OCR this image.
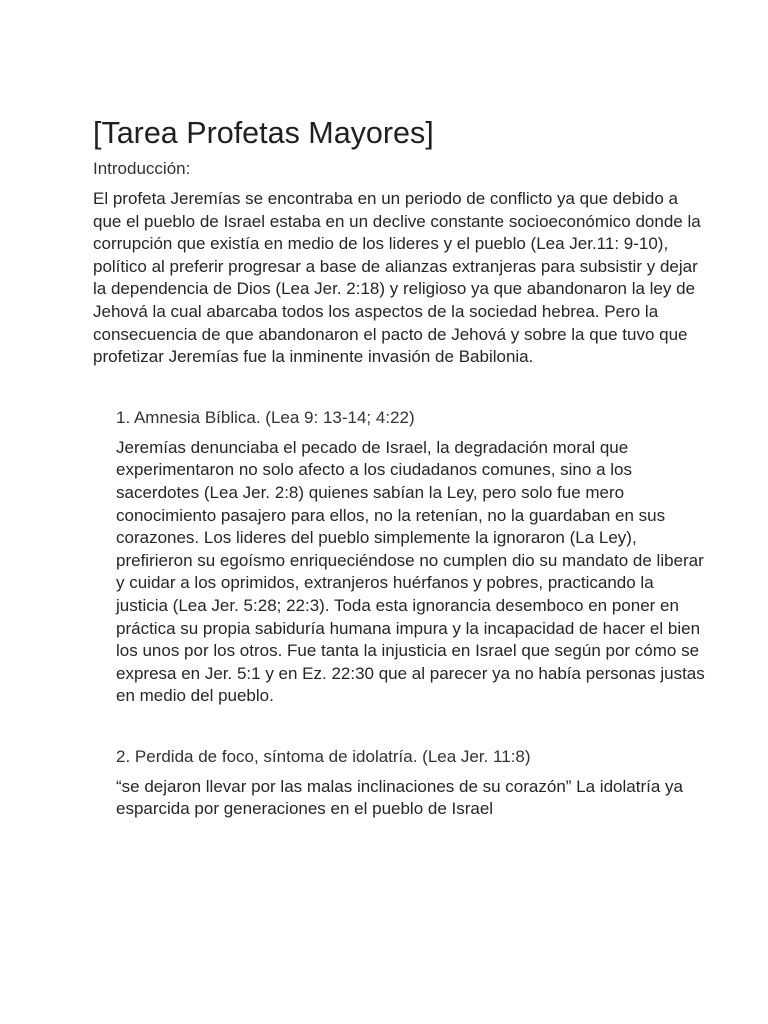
[Tarea Profetas Mayores]

Introducción:

El profeta Jeremías se encontraba en un periodo de conflicto ya que debido a que el pueblo de Israel estaba en un declive constante socioeconómico donde la corrupción que existía en medio de los lideres y el pueblo (Lea Jer.11: 9-10), político al preferir progresar a base de alianzas extranjeras para subsistir y dejar la dependencia de Dios (Lea Jer. 2:18) y religioso ya que abandonaron la ley de Jehová la cual abarcaba todos los aspectos de la sociedad hebrea. Pero la consecuencia de que abandonaron el pacto de Jehová y sobre la que tuvo que profetizar Jeremías fue la inminente invasión de Babilonia.

1. Amnesia Bíblica. (Lea 9: 13-14; 4:22)

Jeremías denunciaba el pecado de Israel, la degradación moral que experimentaron no solo afecto a los ciudadanos comunes, sino a los sacerdotes (Lea Jer. 2:8) quienes sabían la Ley, pero solo fue mero conocimiento pasajero para ellos, no la retenían, no la guardaban en sus corazones. Los lideres del pueblo simplemente la ignoraron (La Ley), prefirieron su egoísmo enriqueciéndose no cumplen dio su mandato de liberar y cuidar a los oprimidos, extranjeros huérfanos y pobres, practicando la justicia (Lea Jer. 5:28; 22:3). Toda esta ignorancia desemboco en poner en práctica su propia sabiduría humana impura y la incapacidad de hacer el bien los unos por los otros. Fue tanta la injusticia en Israel que según por cómo se expresa en Jer. 5:1 y en Ez. 22:30 que al parecer ya no había personas justas en medio del pueblo.

2. Perdida de foco, síntoma de idolatría. (Lea Jer. 11:8)

“se dejaron llevar por las malas inclinaciones de su corazón” La idolatría ya esparcida por generaciones en el pueblo de Israel
